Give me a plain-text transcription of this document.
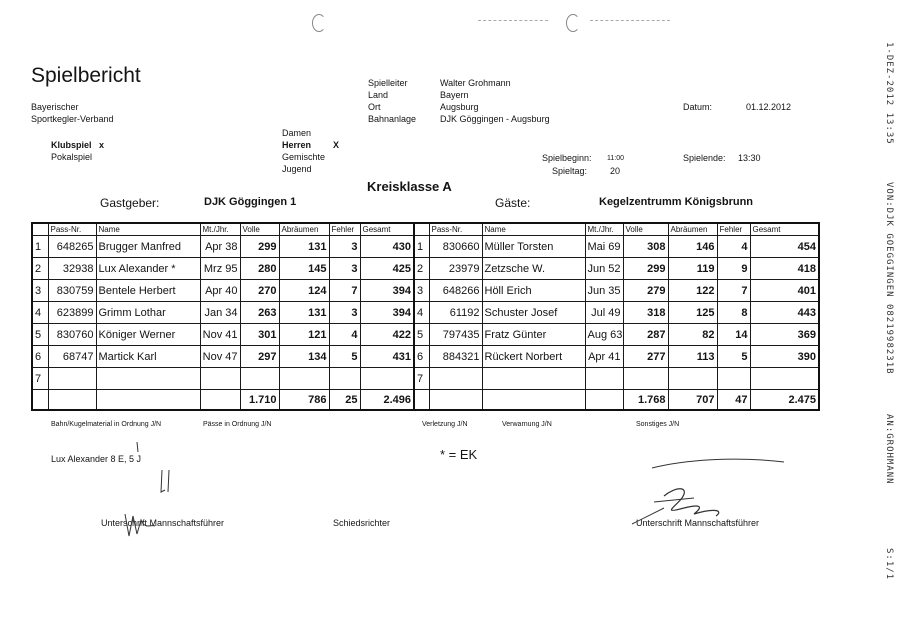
Spielbericht
Bayerischer
Sportkegler-Verband
Spielleiter
Land
Ort
Bahnanlage
Walter Grohmann
Bayern
Augsburg
DJK Göggingen - Augsburg
Datum:	01.12.2012
Damen
Herren X
Gemischte
Jugend
Klubspiel x
Pokalspiel	Spielbeginn: 11:00
Spieltag:	20
Spielende: 13:30
Kreisklasse A
Gastgeber:	DJK Göggingen 1	Gäste:	Kegelzentrumm Königsbrunn
	Pass-Nr.	Name	Mt./Jhr.	Volle	Abräumen	Fehler	Gesamt		Pass-Nr.	Name	Mt./Jhr.	Volle	Abräumen	Fehler	Gesamt
1	648265	Brugger Manfred	Apr 38	299	131	3	430	1	830660	Müller Torsten	Mai 69	308	146	4	454
2	32938	Lux Alexander *	Mrz 95	280	145	3	425	2	23979	Zetzsche W.	Jun 52	299	119	9	418
3	830759	Bentele Herbert	Apr 40	270	124	7	394	3	648266	Höll Erich	Jun 35	279	122	7	401
4	623899	Grimm Lothar	Jan 34	263	131	3	394	4	61192	Schuster Josef	Jul 49	318	125	8	443
5	830760	Königer Werner	Nov 41	301	121	4	422	5	797435	Fratz Günter	Aug 63	287	82	14	369
6	68747	Martick Karl	Nov 47	297	134	5	431	6	884321	Rückert Norbert	Apr 41	277	113	5	390
7								7							
				1.710	786	25	2.496					1.768	707	47	2.475
Bahn/Kugelmaterial in Ordnung J/N	Pässe in Ordnung J/N	Verletzung J/N	Verwarnung J/N	Sonstiges J/N
Lux Alexander 8 E, 5 J	* = EK
Unterschrift Mannschaftsführer	Schiedsrichter	Unterschrift Mannschaftsführer
1-DEZ-2012 13:35
VON:DJK GOEGGINGEN 0821998231B
AN:GROHMANN
S:1/1
